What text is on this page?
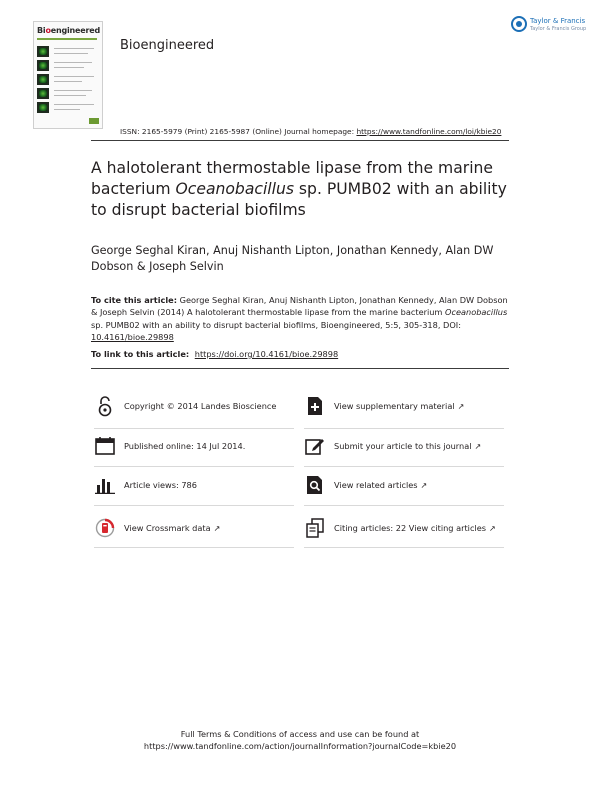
Bioengineered
Bioengineered
Taylor & Francis
Taylor & Francis Group
ISSN: 2165-5979 (Print) 2165-5987 (Online) Journal homepage: https://www.tandfonline.com/loi/kbie20
A halotolerant thermostable lipase from the marine bacterium Oceanobacillus sp. PUMB02 with an ability to disrupt bacterial biofilms
George Seghal Kiran, Anuj Nishanth Lipton, Jonathan Kennedy, Alan DW Dobson & Joseph Selvin
To cite this article: George Seghal Kiran, Anuj Nishanth Lipton, Jonathan Kennedy, Alan DW Dobson & Joseph Selvin (2014) A halotolerant thermostable lipase from the marine bacterium Oceanobacillus sp. PUMB02 with an ability to disrupt bacterial biofilms, Bioengineered, 5:5, 305-318, DOI: 10.4161/bioe.29898
To link to this article: https://doi.org/10.4161/bioe.29898
Copyright © 2014 Landes Bioscience	View supplementary material ↗
Published online: 14 Jul 2014.	Submit your article to this journal ↗
Article views: 786	View related articles ↗
View Crossmark data ↗	Citing articles: 22 View citing articles ↗
Full Terms & Conditions of access and use can be found at
https://www.tandfonline.com/action/journalInformation?journalCode=kbie20
